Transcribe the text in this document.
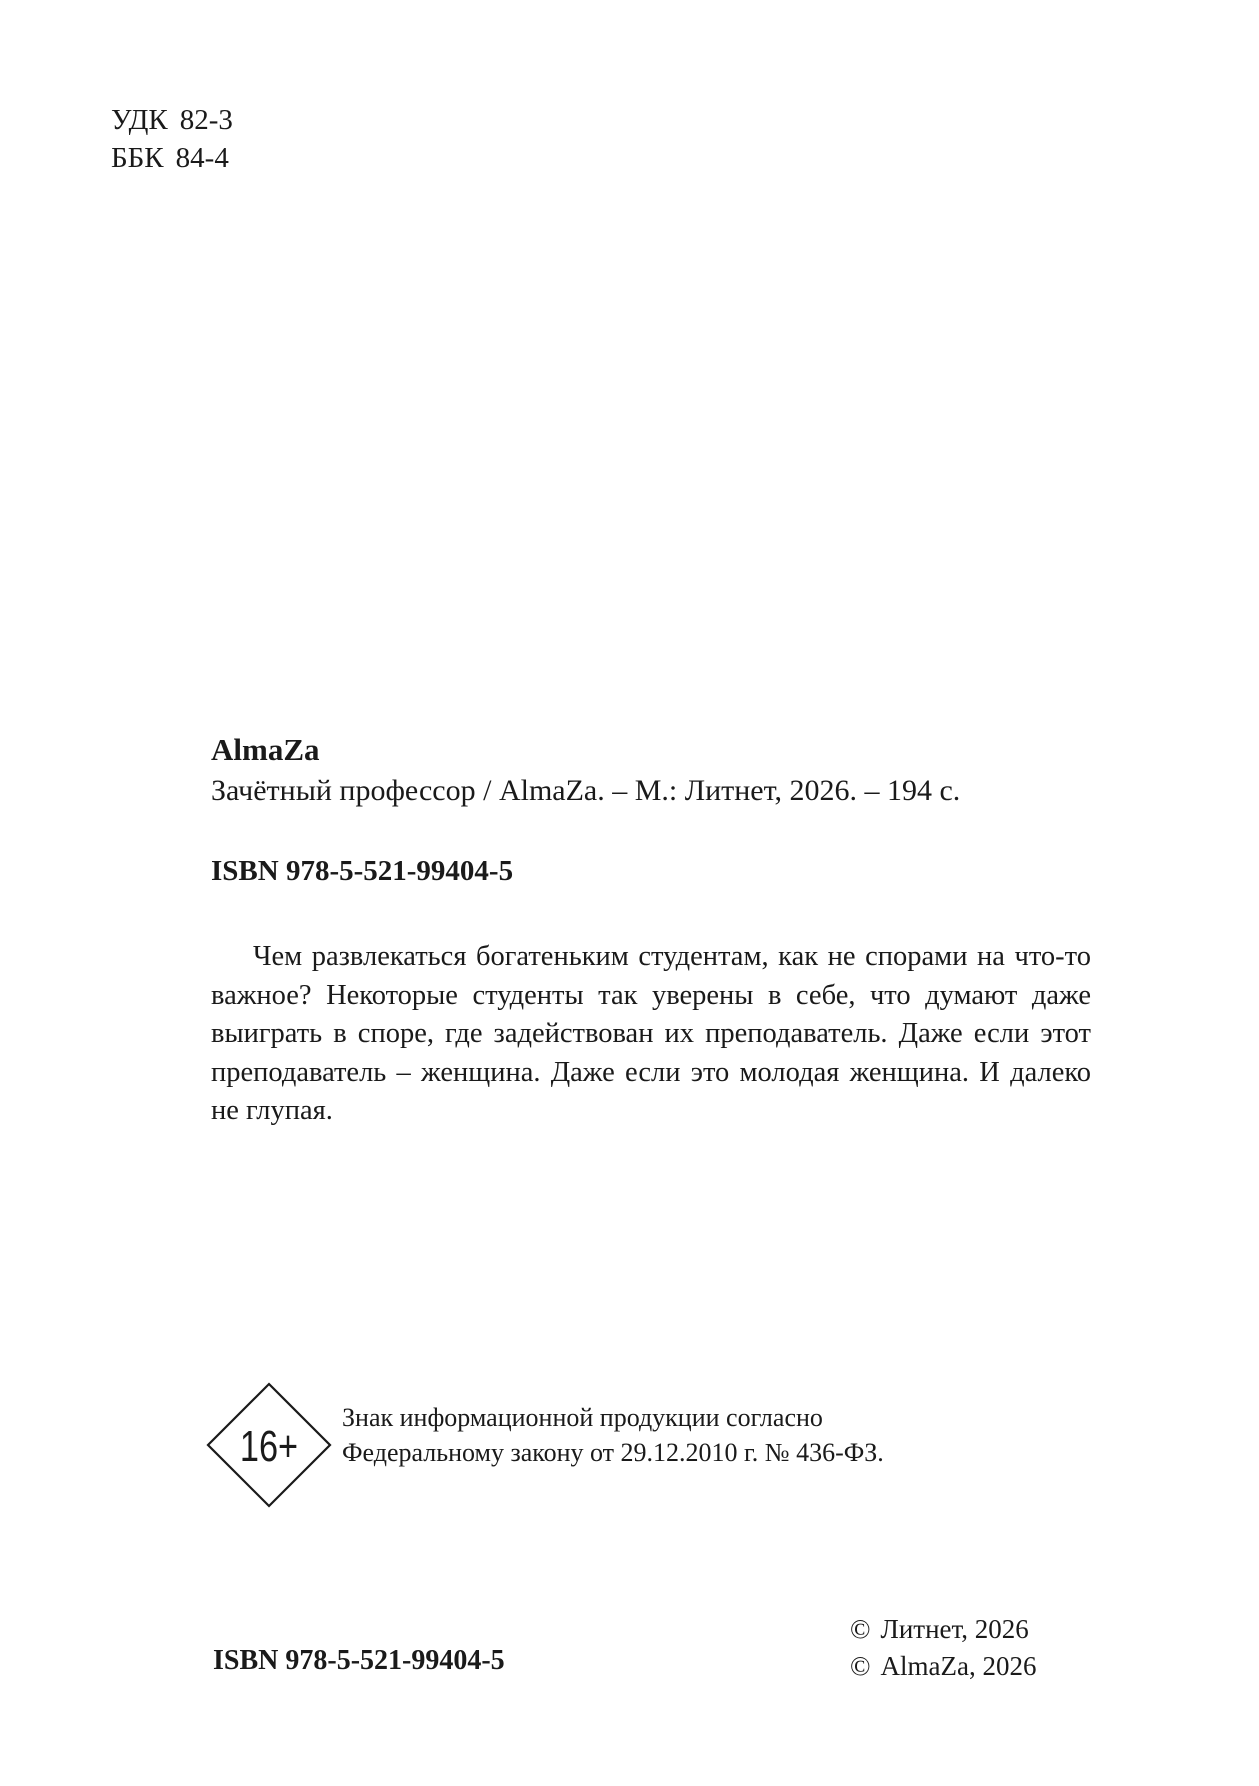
УДК 82-3
ББК 84-4
AlmaZa
Зачётный профессор / AlmaZa. – М.: Литнет, 2026. – 194 с.
ISBN 978-5-521-99404-5
Чем развлекаться богатеньким студентам, как не спорами на что-то важное? Некоторые студенты так уверены в себе, что думают даже выиграть в споре, где задействован их преподаватель. Даже если этот преподаватель – женщина. Даже если это молодая женщина. И далеко не глупая.
16+
Знак информационной продукции согласно
Федеральному закону от 29.12.2010 г. № 436-ФЗ.
ISBN 978-5-521-99404-5
© Литнет, 2026
© AlmaZa, 2026
